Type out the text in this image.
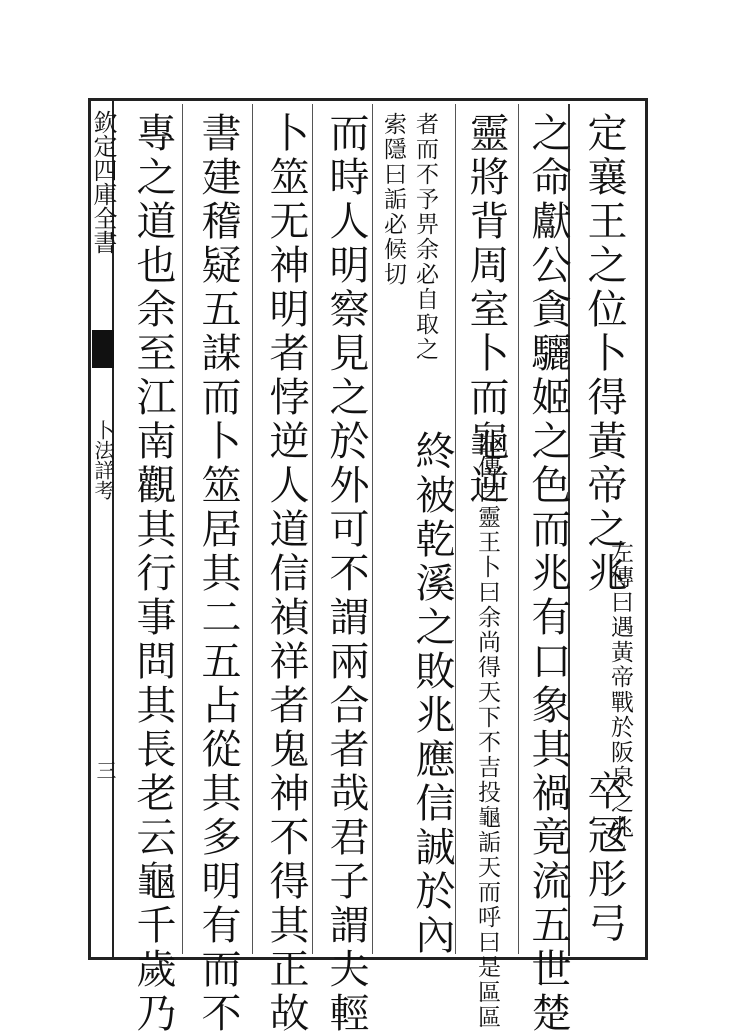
欽定四庫全書
卜法詳考
三
定襄王之位卜得黃帝之兆
左傳曰遇黃帝戰於阪泉之兆
卒㓂彤弓
之命獻公貪驪姬之色而兆有口象其禍竟流五世楚
靈將背周室卜而龜逆
左傳曰靈王卜曰余尚得天下不吉投龜詬天而呼曰是區區
者而不予畀余必自取之
終被乾溪之敗兆應信誠於內
索隱曰詬必候切
而時人明察見之於外可不謂兩合者哉君子謂夫輕
卜筮无神明者悖逆人道信禎祥者鬼神不得其正故
書建稽疑五謀而卜筮居其二五占從其多明有而不
專之道也余至江南觀其行事問其長老云龜千歲乃
